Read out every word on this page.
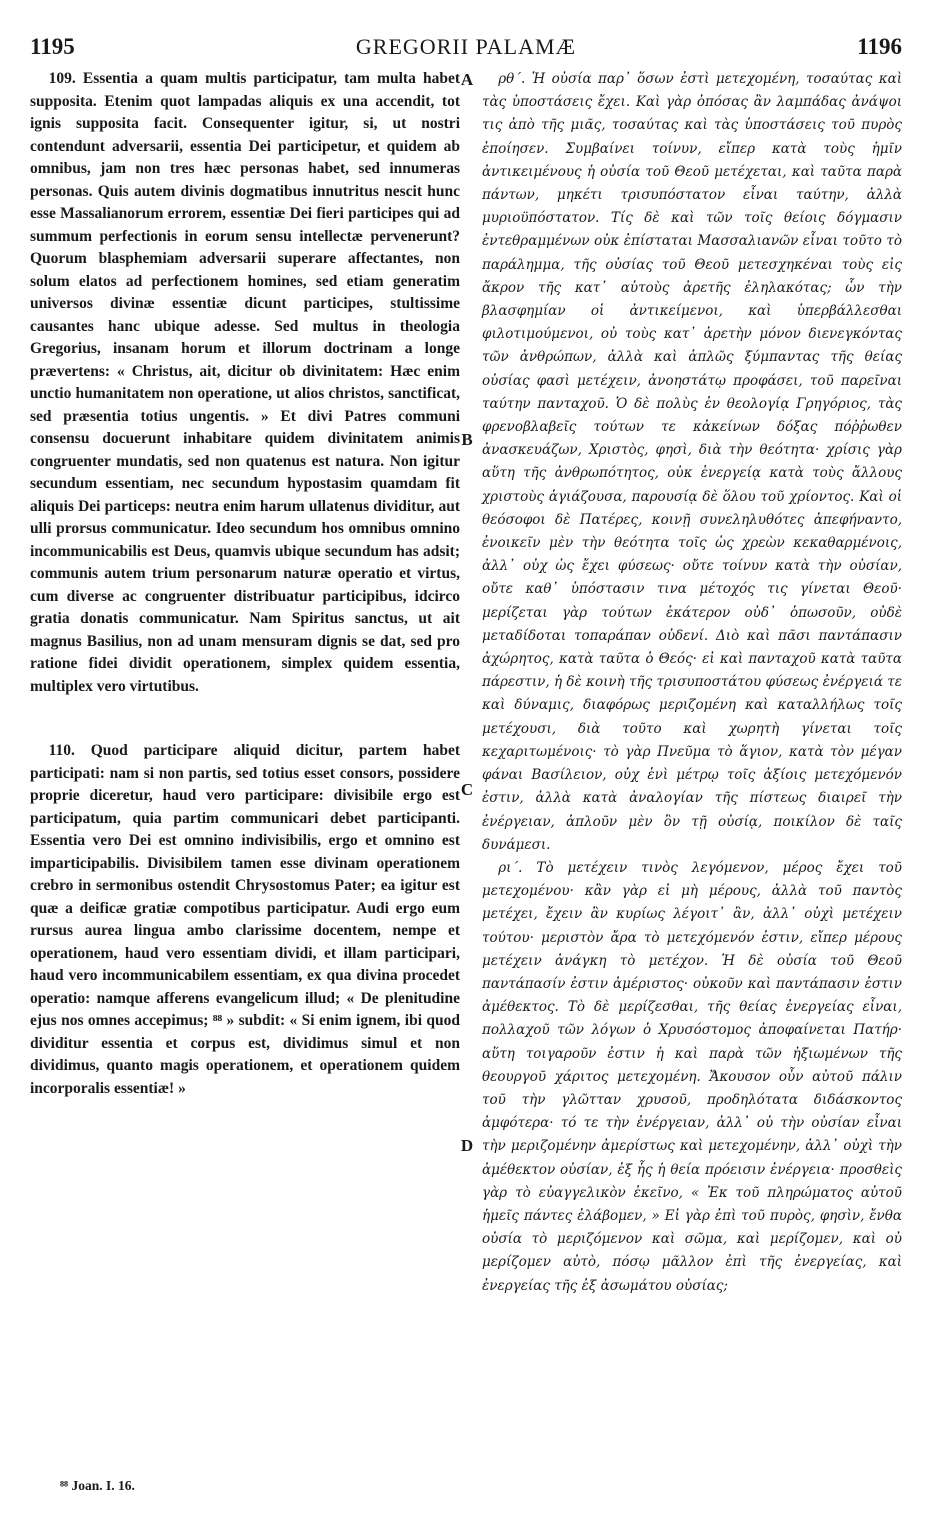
1195	GREGORII PALAMÆ	1196

109. Essentia a quam multis participatur, tam multa habet supposita. Etenim quot lampadas aliquis ex una accendit, tot ignis supposita facit. Consequenter igitur, si, ut nostri contendunt adversarii, essentia Dei participetur, et quidem ab omnibus, jam non tres hæc personas habet, sed innumeras personas. Quis autem divinis dogmatibus innutritus nescit hunc esse Massalianorum errorem, essentiæ Dei fieri participes qui ad summum perfectionis in eorum sensu intellectæ pervenerunt? Quorum blasphemiam adversarii superare affectantes, non solum elatos ad perfectionem homines, sed etiam generatim universos divinæ essentiæ dicunt participes, stultissime causantes hanc ubique adesse. Sed multus in theologia Gregorius, insanam horum et illorum doctrinam a longe prævertens: « Christus, ait, dicitur ob divinitatem: Hæc enim unctio humanitatem non operatione, ut alios christos, sanctificat, sed præsentia totius ungentis. » Et divi Patres communi consensu docuerunt inhabitare quidem divinitatem animis congruenter mundatis, sed non quatenus est natura. Non igitur secundum essentiam, nec secundum hypostasim quamdam fit aliquis Dei particeps: neutra enim harum ullatenus dividitur, aut ulli prorsus communicatur. Ideo secundum hos omnibus omnino incommunicabilis est Deus, quamvis ubique secundum has adsit; communis autem trium personarum naturæ operatio et virtus, cum diverse ac congruenter distribuatur participibus, idcirco gratia donatis communicatur. Nam Spiritus sanctus, ut ait magnus Basilius, non ad unam mensuram dignis se dat, sed pro ratione fidei dividit operationem, simplex quidem essentia, multiplex vero virtutibus.

110. Quod participare aliquid dicitur, partem habet participati: nam si non partis, sed totius esset consors, possidere proprie diceretur, haud vero participare: divisibile ergo est participatum, quia partim communicari debet participanti. Essentia vero Dei est omnino indivisibilis, ergo et omnino est imparticipabilis. Divisibilem tamen esse divinam operationem crebro in sermonibus ostendit Chrysostomus Pater; ea igitur est quæ a deificæ gratiæ compotibus participatur. Audi ergo eum rursus aurea lingua ambo clarissime docentem, nempe et operationem, haud vero essentiam dividi, et illam participari, haud vero incommunicabilem essentiam, ex qua divina procedet operatio: namque afferens evangelicum illud; « De plenitudine ejus nos omnes accepimus; ⁸⁸ » subdit: « Si enim ignem, ibi quod dividitur essentia et corpus est, dividimus simul et non dividimus, quanto magis operationem, et operationem quidem incorporalis essentiæ! »

A
B
C
D

ρθ΄. Ἡ οὐσία παρ᾽ ὅσων ἐστὶ μετεχομένη, τοσαύτας καὶ τὰς ὑποστάσεις ἔχει. Καὶ γὰρ ὁπόσας ἂν λαμπάδας ἀνάψοι τις ἀπὸ τῆς μιᾶς, τοσαύτας καὶ τὰς ὑποστάσεις τοῦ πυρὸς ἐποίησεν. Συμβαίνει τοίνυν, εἴπερ κατὰ τοὺς ἡμῖν ἀντικειμένους ἡ οὐσία τοῦ Θεοῦ μετέχεται, καὶ ταῦτα παρὰ πάντων, μηκέτι τρισυπόστατον εἶναι ταύτην, ἀλλὰ μυριοϋπόστατον. Τίς δὲ καὶ τῶν τοῖς θείοις δόγμασιν ἐντεθραμμένων οὐκ ἐπίσταται Μασσαλιανῶν εἶναι τοῦτο τὸ παράλημμα, τῆς οὐσίας τοῦ Θεοῦ μετεσχηκέναι τοὺς εἰς ἄκρον τῆς κατ᾽ αὐτοὺς ἀρετῆς ἐληλακότας; ὧν τὴν βλασφημίαν οἱ ἀντικείμενοι, καὶ ὑπερβάλλεσθαι φιλοτιμούμενοι, οὐ τοὺς κατ᾽ ἀρετὴν μόνον διενεγκόντας τῶν ἀνθρώπων, ἀλλὰ καὶ ἁπλῶς ξύμπαντας τῆς θείας οὐσίας φασὶ μετέχειν, ἀνοηστάτῳ προφάσει, τοῦ παρεῖναι ταύτην πανταχοῦ. Ὁ δὲ πολὺς ἐν θεολογίᾳ Γρηγόριος, τὰς φρενοβλαβεῖς τούτων τε κἀκείνων δόξας πόῤῥωθεν ἀνασκευάζων, Χριστὸς, φησὶ, διὰ τὴν θεότητα· χρίσις γὰρ αὕτη τῆς ἀνθρωπότητος, οὐκ ἐνεργείᾳ κατὰ τοὺς ἄλλους χριστοὺς ἁγιάζουσα, παρουσίᾳ δὲ ὅλου τοῦ χρίοντος. Καὶ οἱ θεόσοφοι δὲ Πατέρες, κοινῇ συνεληλυθότες ἀπεφήναντο, ἐνοικεῖν μὲν τὴν θεότητα τοῖς ὡς χρεὼν κεκαθαρμένοις, ἀλλ᾽ οὐχ ὡς ἔχει φύσεως· οὔτε τοίνυν κατὰ τὴν οὐσίαν, οὔτε καθ᾽ ὑπόστασιν τινα μέτοχός τις γίνεται Θεοῦ· μερίζεται γὰρ τούτων ἑκάτερον οὐδ᾽ ὁπωσοῦν, οὐδὲ μεταδίδοται τοπαράπαν οὐδενί. Διὸ καὶ πᾶσι παντάπασιν ἀχώρητος, κατὰ ταῦτα ὁ Θεός· εἰ καὶ πανταχοῦ κατὰ ταῦτα πάρεστιν, ἡ δὲ κοινὴ τῆς τρισυποστάτου φύσεως ἐνέργειά τε καὶ δύναμις, διαφόρως μεριζομένη καὶ καταλλήλως τοῖς μετέχουσι, διὰ τοῦτο καὶ χωρητὴ γίνεται τοῖς κεχαριτωμένοις· τὸ γὰρ Πνεῦμα τὸ ἅγιον, κατὰ τὸν μέγαν φάναι Βασίλειον, οὐχ ἑνὶ μέτρῳ τοῖς ἀξίοις μετεχόμενόν ἐστιν, ἀλλὰ κατὰ ἀναλογίαν τῆς πίστεως διαιρεῖ τὴν ἐνέργειαν, ἁπλοῦν μὲν ὂν τῇ οὐσίᾳ, ποικίλον δὲ ταῖς δυνάμεσι.

ρι΄. Τὸ μετέχειν τινὸς λεγόμενον, μέρος ἔχει τοῦ μετεχομένου· κἂν γὰρ εἰ μὴ μέρους, ἀλλὰ τοῦ παντὸς μετέχει, ἔχειν ἂν κυρίως λέγοιτ᾽ ἂν, ἀλλ᾽ οὐχὶ μετέχειν τούτου· μεριστὸν ἄρα τὸ μετεχόμενόν ἐστιν, εἴπερ μέρους μετέχειν ἀνάγκη τὸ μετέχον. Ἡ δὲ οὐσία τοῦ Θεοῦ παντάπασίν ἐστιν ἀμέριστος· οὐκοῦν καὶ παντάπασιν ἐστιν ἀμέθεκτος. Τὸ δὲ μερίζεσθαι, τῆς θείας ἐνεργείας εἶναι, πολλαχοῦ τῶν λόγων ὁ Χρυσόστομος ἀποφαίνεται Πατήρ· αὕτη τοιγαροῦν ἐστιν ἡ καὶ παρὰ τῶν ἠξιωμένων τῆς θεουργοῦ χάριτος μετεχομένη. Ἄκουσον οὖν αὐτοῦ πάλιν τοῦ τὴν γλῶτταν χρυσοῦ, προδηλότατα διδάσκοντος ἀμφότερα· τό τε τὴν ἐνέργειαν, ἀλλ᾽ οὐ τὴν οὐσίαν εἶναι τὴν μεριζομένην ἀμερίστως καὶ μετεχομένην, ἀλλ᾽ οὐχὶ τὴν ἀμέθεκτον οὐσίαν, ἐξ ἧς ἡ θεία πρόεισιν ἐνέργεια· προσθεὶς γὰρ τὸ εὐαγγελικὸν ἐκεῖνο, « Ἐκ τοῦ πληρώματος αὐτοῦ ἡμεῖς πάντες ἐλάβομεν, » Εἰ γὰρ ἐπὶ τοῦ πυρὸς, φησὶν, ἔνθα οὐσία τὸ μεριζόμενον καὶ σῶμα, καὶ μερίζομεν, καὶ οὐ μερίζομεν αὐτὸ, πόσῳ μᾶλλον ἐπὶ τῆς ἐνεργείας, καὶ ἐνεργείας τῆς ἐξ ἀσωμάτου οὐσίας;

⁸⁸ Joan. I. 16.
